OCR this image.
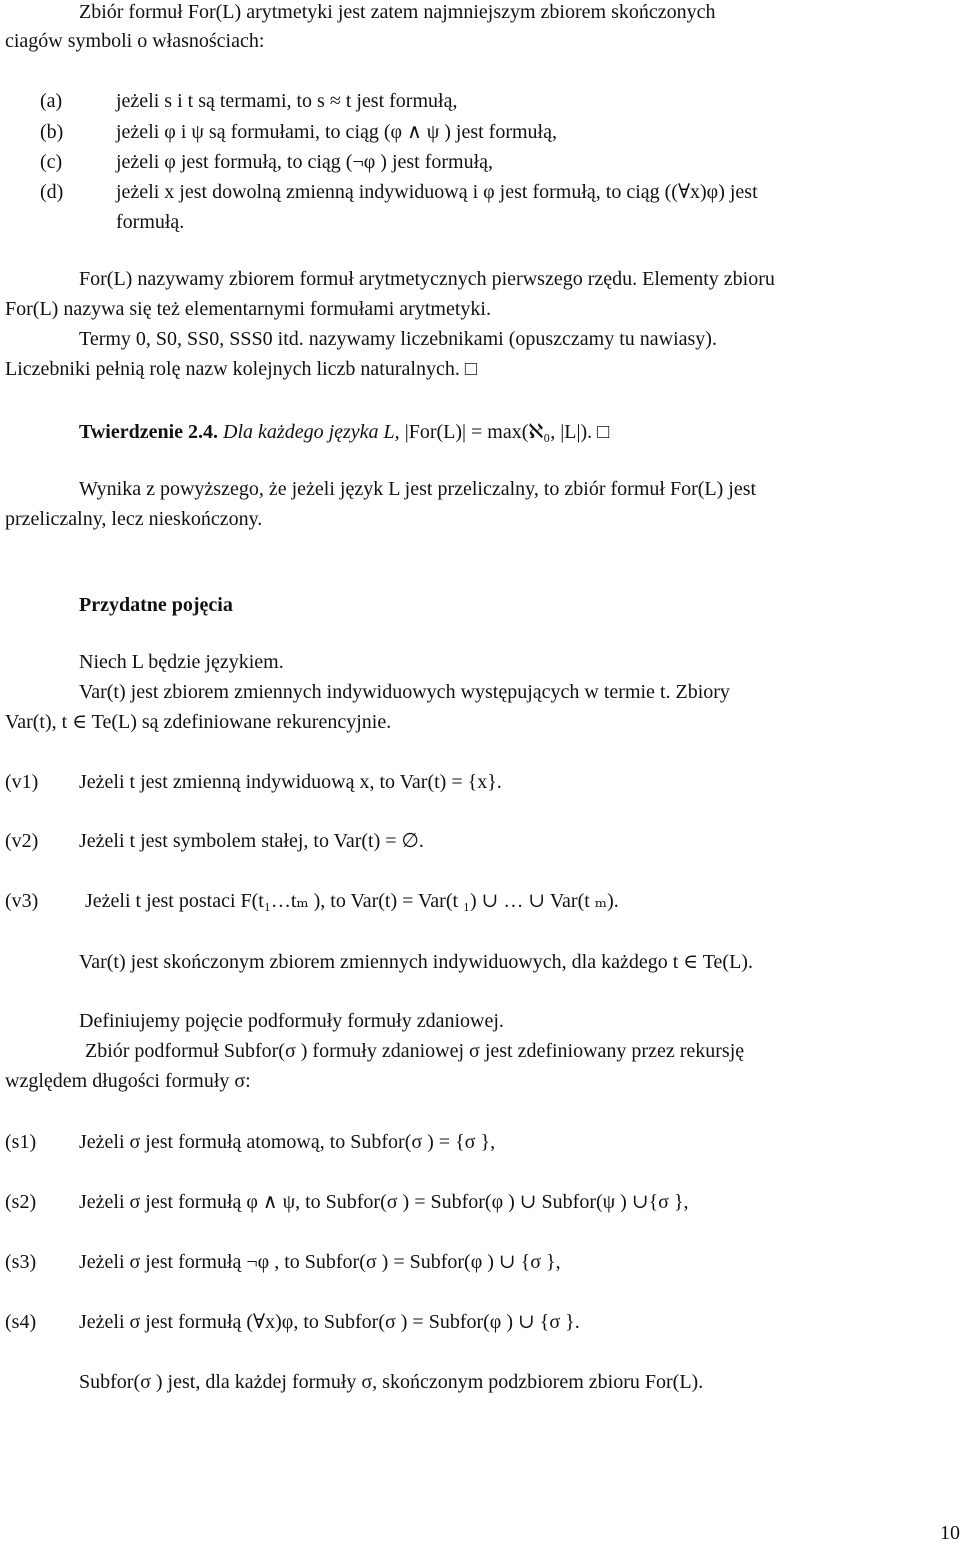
Zbiór formuł For(L) arytmetyki jest zatem najmniejszym zbiorem skończonych
ciagów symboli o własnościach:
(a)	jeżeli s i t są termami, to s ≈ t jest formułą,
(b)	jeżeli φ i ψ są formułami, to ciąg (φ ∧ ψ ) jest formułą,
(c)	jeżeli φ jest formułą, to ciąg (¬φ ) jest formułą,
(d)	jeżeli x jest dowolną zmienną indywiduową i φ jest formułą, to ciąg ((∀x)φ) jest
formułą.
For(L) nazywamy zbiorem formuł arytmetycznych pierwszego rzędu. Elementy zbioru
For(L) nazywa się też elementarnymi formułami arytmetyki.
Termy 0, S0, SS0, SSS0 itd. nazywamy liczebnikami (opuszczamy tu nawiasy).
Liczebniki pełnią rolę nazw kolejnych liczb naturalnych. □
Twierdzenie 2.4. Dla każdego języka L, |For(L)| = max(ℵ₀, |L|). □
Wynika z powyższego, że jeżeli język L jest przeliczalny, to zbiór formuł For(L) jest
przeliczalny, lecz nieskończony.
Przydatne pojęcia
Niech L będzie językiem.
Var(t) jest zbiorem zmiennych indywiduowych występujących w termie t. Zbiory
Var(t), t ∈ Te(L) są zdefiniowane rekurencyjnie.
(v1) Jeżeli t jest zmienną indywiduową x, to Var(t) = {x}.
(v2) Jeżeli t jest symbolem stałej, to Var(t) = ∅.
(v3) Jeżeli t jest postaci F(t₁…tₘ ), to Var(t) = Var(t ₁) ∪ … ∪ Var(t ₘ).
Var(t) jest skończonym zbiorem zmiennych indywiduowych, dla każdego t ∈ Te(L).
Definiujemy pojęcie podformuły formuły zdaniowej.
Zbiór podformuł Subfor(σ ) formuły zdaniowej σ jest zdefiniowany przez rekursję
względem długości formuły σ:
(s1) Jeżeli σ jest formułą atomową, to Subfor(σ ) = {σ },
(s2) Jeżeli σ jest formułą φ ∧ ψ, to Subfor(σ ) = Subfor(φ ) ∪ Subfor(ψ ) ∪{σ },
(s3) Jeżeli σ jest formułą ¬φ , to Subfor(σ ) = Subfor(φ ) ∪ {σ },
(s4) Jeżeli σ jest formułą (∀x)φ, to Subfor(σ ) = Subfor(φ ) ∪ {σ }.
Subfor(σ ) jest, dla każdej formuły σ, skończonym podzbiorem zbioru For(L).
10
